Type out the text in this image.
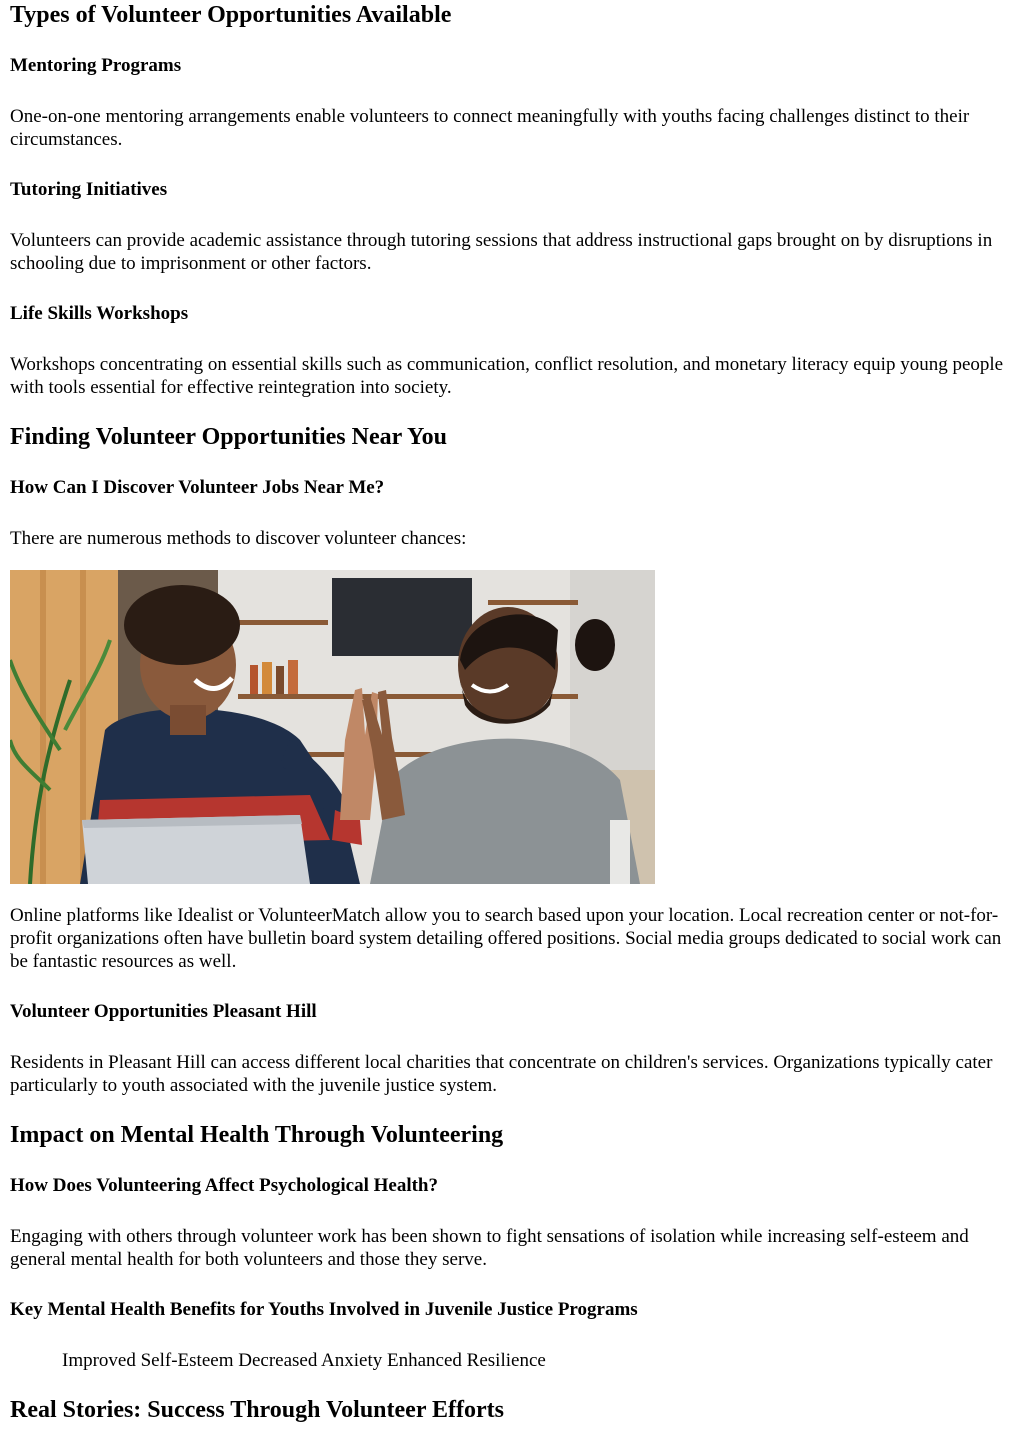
Types of Volunteer Opportunities Available
Mentoring Programs

One-on-one mentoring arrangements enable volunteers to connect meaningfully with youths facing challenges distinct to their circumstances.

Tutoring Initiatives

Volunteers can provide academic assistance through tutoring sessions that address instructional gaps brought on by disruptions in schooling due to imprisonment or other factors.

Life Skills Workshops

Workshops concentrating on essential skills such as communication, conflict resolution, and monetary literacy equip young people with tools essential for effective reintegration into society.

Finding Volunteer Opportunities Near You
How Can I Discover Volunteer Jobs Near Me?

There are numerous methods to discover volunteer chances:

Online platforms like Idealist or VolunteerMatch allow you to search based upon your location. Local recreation center or not-for-profit organizations often have bulletin board system detailing offered positions. Social media groups dedicated to social work can be fantastic resources as well.

Volunteer Opportunities Pleasant Hill

Residents in Pleasant Hill can access different local charities that concentrate on children's services. Organizations typically cater particularly to youth associated with the juvenile justice system.

Impact on Mental Health Through Volunteering
How Does Volunteering Affect Psychological Health?

Engaging with others through volunteer work has been shown to fight sensations of isolation while increasing self-esteem and general mental health for both volunteers and those they serve.

Key Mental Health Benefits for Youths Involved in Juvenile Justice Programs

Improved Self-Esteem Decreased Anxiety Enhanced Resilience

Real Stories: Success Through Volunteer Efforts
